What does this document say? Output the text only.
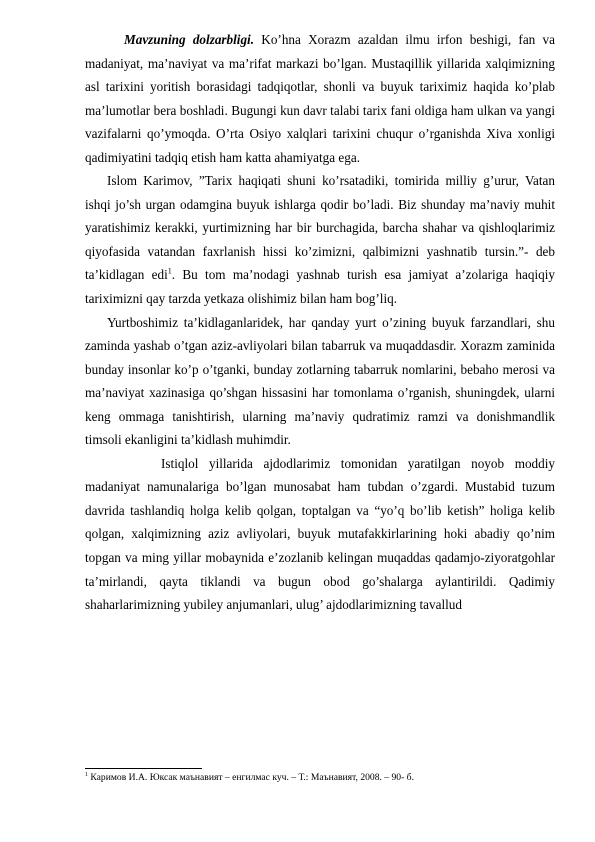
Mavzuning dolzarbligi. Ko’hna Xorazm azaldan ilmu irfon beshigi, fan va madaniyat, ma’naviyat va ma’rifat markazi bo’lgan. Mustaqillik yillarida xalqimizning asl tarixini yoritish borasidagi tadqiqotlar, shonli va buyuk tariximiz haqida ko’plab ma’lumotlar bera boshladi. Bugungi kun davr talabi tarix fani oldiga ham ulkan va yangi vazifalarni qo’ymoqda. O’rta Osiyo xalqlari tarixini chuqur o’rganishda Xiva xonligi qadimiyatini tadqiq etish ham katta ahamiyatga ega.

Islom Karimov, ”Tarix haqiqati shuni ko’rsatadiki, tomirida milliy g’urur, Vatan ishqi jo’sh urgan odamgina buyuk ishlarga qodir bo’ladi. Biz shunday ma’naviy muhit yaratishimiz kerakki, yurtimizning har bir burchagida, barcha shahar va qishloqlarimiz qiyofasida vatandan faxrlanish hissi ko’zimizni, qalbimizni yashnatib tursin.”- deb ta’kidlagan edi$^1$. Bu tom ma’nodagi yashnab turish esa jamiyat a’zolariga haqiqiy tariximizni qay tarzda yetkaza olishimiz bilan ham bog’liq.

Yurtboshimiz ta’kidlaganlaridek, har qanday yurt o’zining buyuk farzandlari, shu zaminda yashab o’tgan aziz-avliyolari bilan tabarruk va muqaddasdir. Xorazm zaminida bunday insonlar ko’p o’tganki, bunday zotlarning tabarruk nomlarini, bebaho merosi va ma’naviyat xazinasiga qo’shgan hissasini har tomonlama o’rganish, shuningdek, ularni keng ommaga tanishtirish, ularning ma’naviy qudratimiz ramzi va donishmandlik timsoli ekanligini ta’kidlash muhimdir.

Istiqlol yillarida ajdodlarimiz tomonidan yaratilgan noyob moddiy madaniyat namunalariga bo’lgan munosabat ham tubdan o’zgardi. Mustabid tuzum davrida tashlandiq holga kelib qolgan, toptalgan va “yo’q bo’lib ketish” holiga kelib qolgan, xalqimizning aziz avliyolari, buyuk mutafakkirlarining hoki abadiy qo’nim topgan va ming yillar mobaynida e’zozlanib kelingan muqaddas qadamjo-ziyoratgohlar ta’mirlandi, qayta tiklandi va bugun obod go’shalarga aylantirildi. Qadimiy shaharlarimizning yubiley anjumanlari, ulug’ ajdodlarimizning tavallud

$^1$ Каримов И.А. Юксак маънавият – енгилмас куч. – Т.: Маънавият, 2008. – 90- б.
